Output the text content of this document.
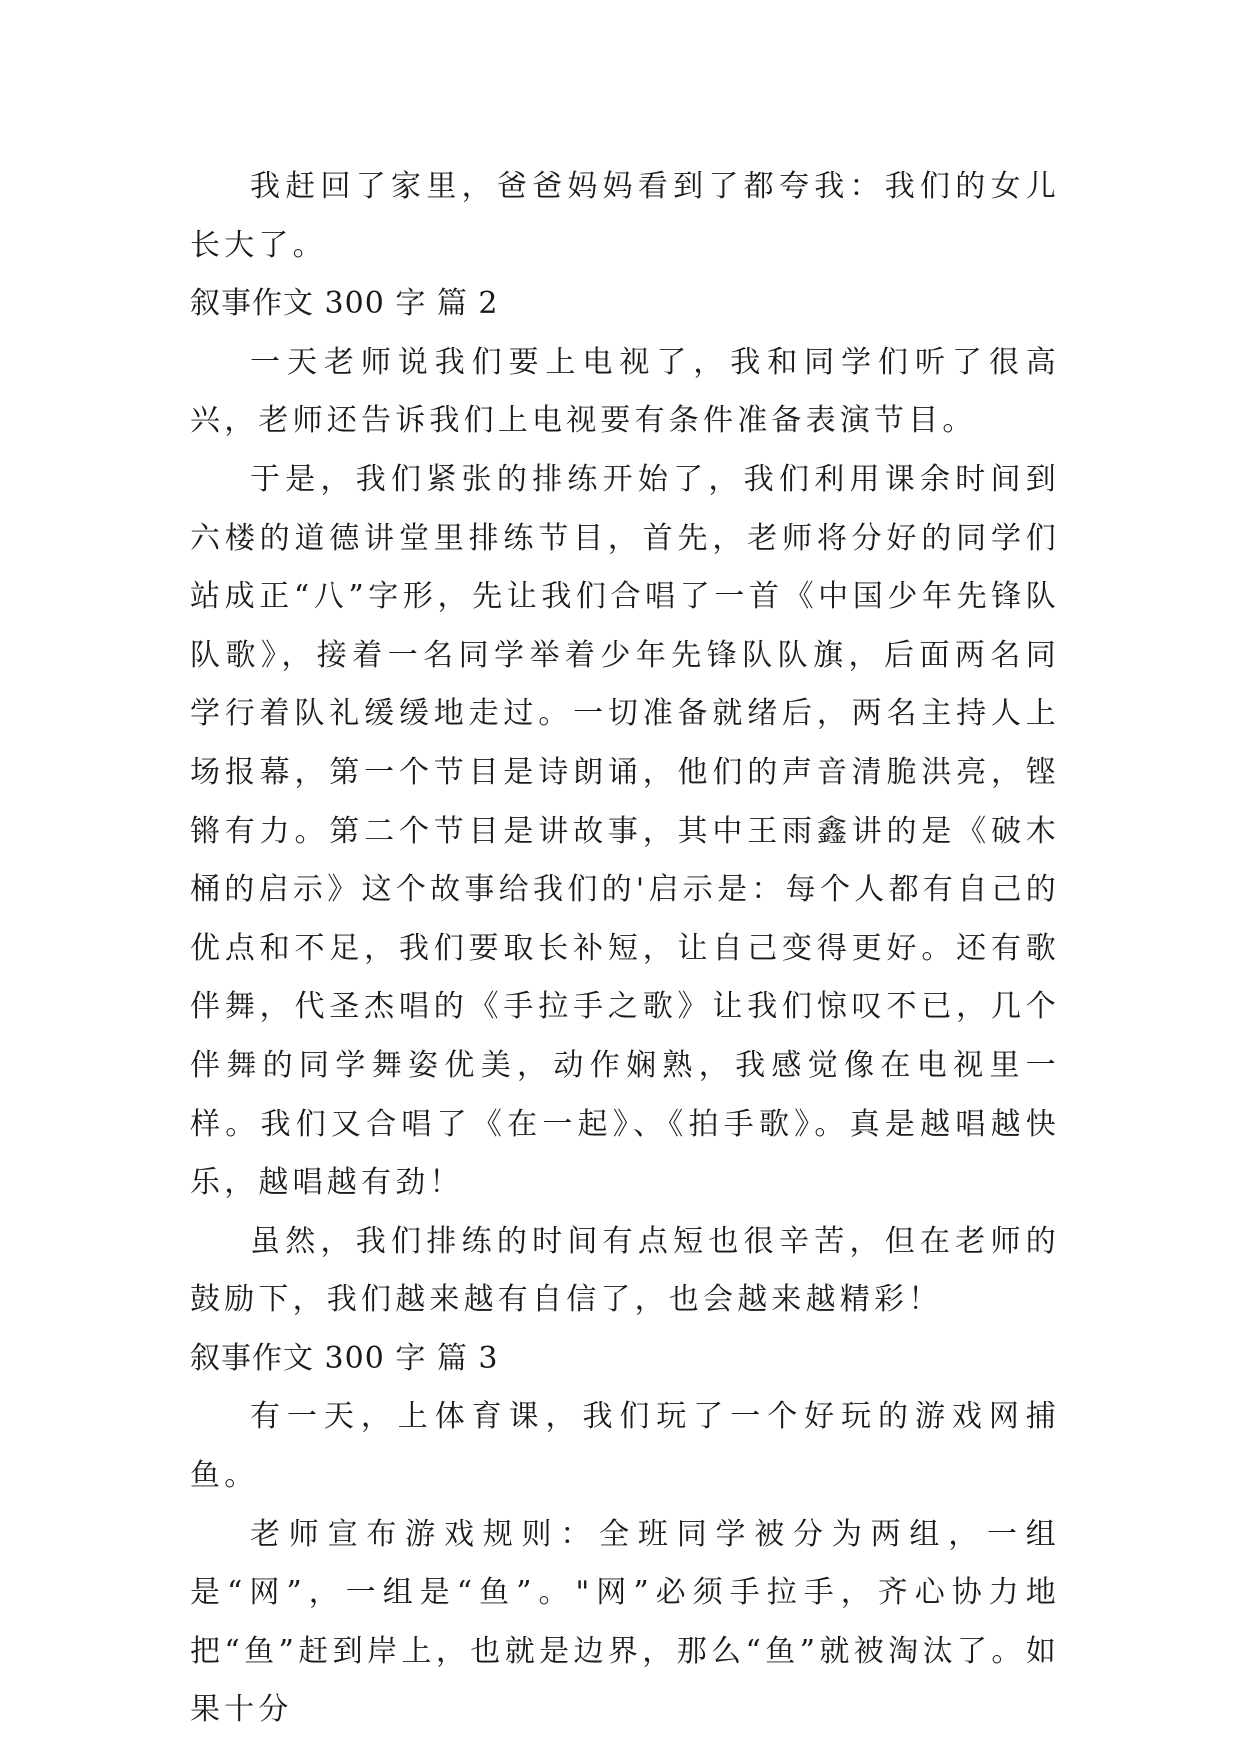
我赶回了家里，爸爸妈妈看到了都夸我：我们的女儿长大了。

叙事作文 300 字 篇 2

一天老师说我们要上电视了，我和同学们听了很高兴，老师还告诉我们上电视要有条件准备表演节目。

于是，我们紧张的排练开始了，我们利用课余时间到六楼的道德讲堂里排练节目，首先，老师将分好的同学们站成正“八”字形，先让我们合唱了一首《中国少年先锋队队歌》，接着一名同学举着少年先锋队队旗，后面两名同学行着队礼缓缓地走过。一切准备就绪后，两名主持人上场报幕，第一个节目是诗朗诵，他们的声音清脆洪亮，铿锵有力。第二个节目是讲故事，其中王雨鑫讲的是《破木桶的启示》这个故事给我们的'启示是：每个人都有自己的优点和不足，我们要取长补短，让自己变得更好。还有歌伴舞，代圣杰唱的《手拉手之歌》让我们惊叹不已，几个伴舞的同学舞姿优美，动作娴熟，我感觉像在电视里一样。我们又合唱了《在一起》、《拍手歌》。真是越唱越快乐，越唱越有劲！

虽然，我们排练的时间有点短也很辛苦，但在老师的鼓励下，我们越来越有自信了，也会越来越精彩！

叙事作文 300 字 篇 3

有一天，上体育课，我们玩了一个好玩的游戏网捕鱼。

老师宣布游戏规则：全班同学被分为两组，一组是“网”，一组是“鱼”。"网”必须手拉手，齐心协力地把“鱼”赶到岸上，也就是边界，那么“鱼”就被淘汰了。如果十分
